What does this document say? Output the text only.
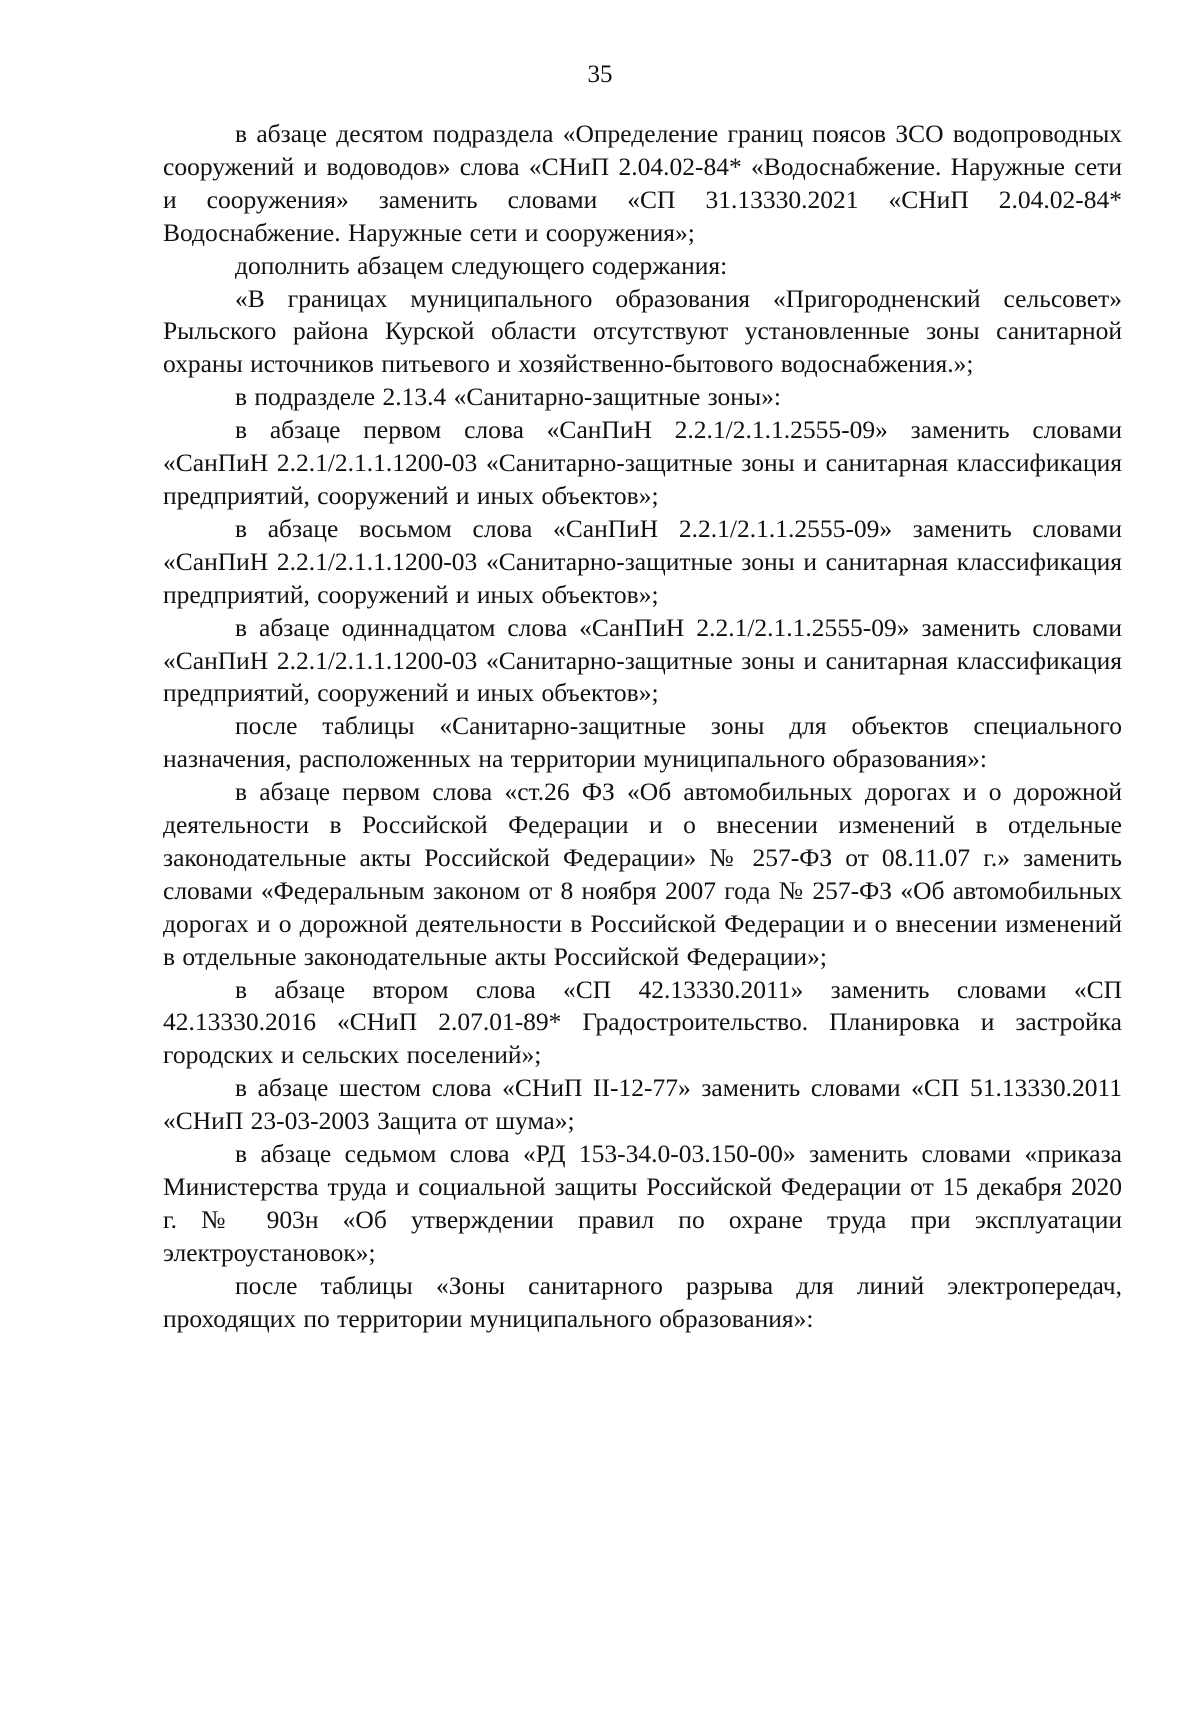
35

в абзаце десятом подраздела «Определение границ поясов ЗСО водопроводных сооружений и водоводов» слова «СНиП 2.04.02-84* «Водоснабжение. Наружные сети и сооружения» заменить словами «СП 31.13330.2021 «СНиП 2.04.02-84* Водоснабжение. Наружные сети и сооружения»;

дополнить абзацем следующего содержания:

«В границах муниципального образования «Пригородненский сельсовет» Рыльского района Курской области отсутствуют установленные зоны санитарной охраны источников питьевого и хозяйственно-бытового водоснабжения.»;

в подразделе 2.13.4 «Санитарно-защитные зоны»:

в абзаце первом слова «СанПиН 2.2.1/2.1.1.2555-09» заменить словами «СанПиН 2.2.1/2.1.1.1200-03 «Санитарно-защитные зоны и санитарная классификация предприятий, сооружений и иных объектов»;

в абзаце восьмом слова «СанПиН 2.2.1/2.1.1.2555-09» заменить словами «СанПиН 2.2.1/2.1.1.1200-03 «Санитарно-защитные зоны и санитарная классификация предприятий, сооружений и иных объектов»;

в абзаце одиннадцатом слова «СанПиН 2.2.1/2.1.1.2555-09» заменить словами «СанПиН 2.2.1/2.1.1.1200-03 «Санитарно-защитные зоны и санитарная классификация предприятий, сооружений и иных объектов»;

после таблицы «Санитарно-защитные зоны для объектов специального назначения, расположенных на территории муниципального образования»:

в абзаце первом слова «ст.26 ФЗ «Об автомобильных дорогах и о дорожной деятельности в Российской Федерации и о внесении изменений в отдельные законодательные акты Российской Федерации» № 257-ФЗ от 08.11.07 г.» заменить словами «Федеральным законом от 8 ноября 2007 года № 257-ФЗ «Об автомобильных дорогах и о дорожной деятельности в Российской Федерации и о внесении изменений в отдельные законодательные акты Российской Федерации»;

в абзаце втором слова «СП 42.13330.2011» заменить словами «СП 42.13330.2016 «СНиП 2.07.01-89* Градостроительство. Планировка и застройка городских и сельских поселений»;

в абзаце шестом слова «СНиП II-12-77» заменить словами «СП 51.13330.2011 «СНиП 23-03-2003 Защита от шума»;

в абзаце седьмом слова «РД 153-34.0-03.150-00» заменить словами «приказа Министерства труда и социальной защиты Российской Федерации от 15 декабря 2020 г. № 903н «Об утверждении правил по охране труда при эксплуатации электроустановок»;

после таблицы «Зоны санитарного разрыва для линий электропередач, проходящих по территории муниципального образования»:
